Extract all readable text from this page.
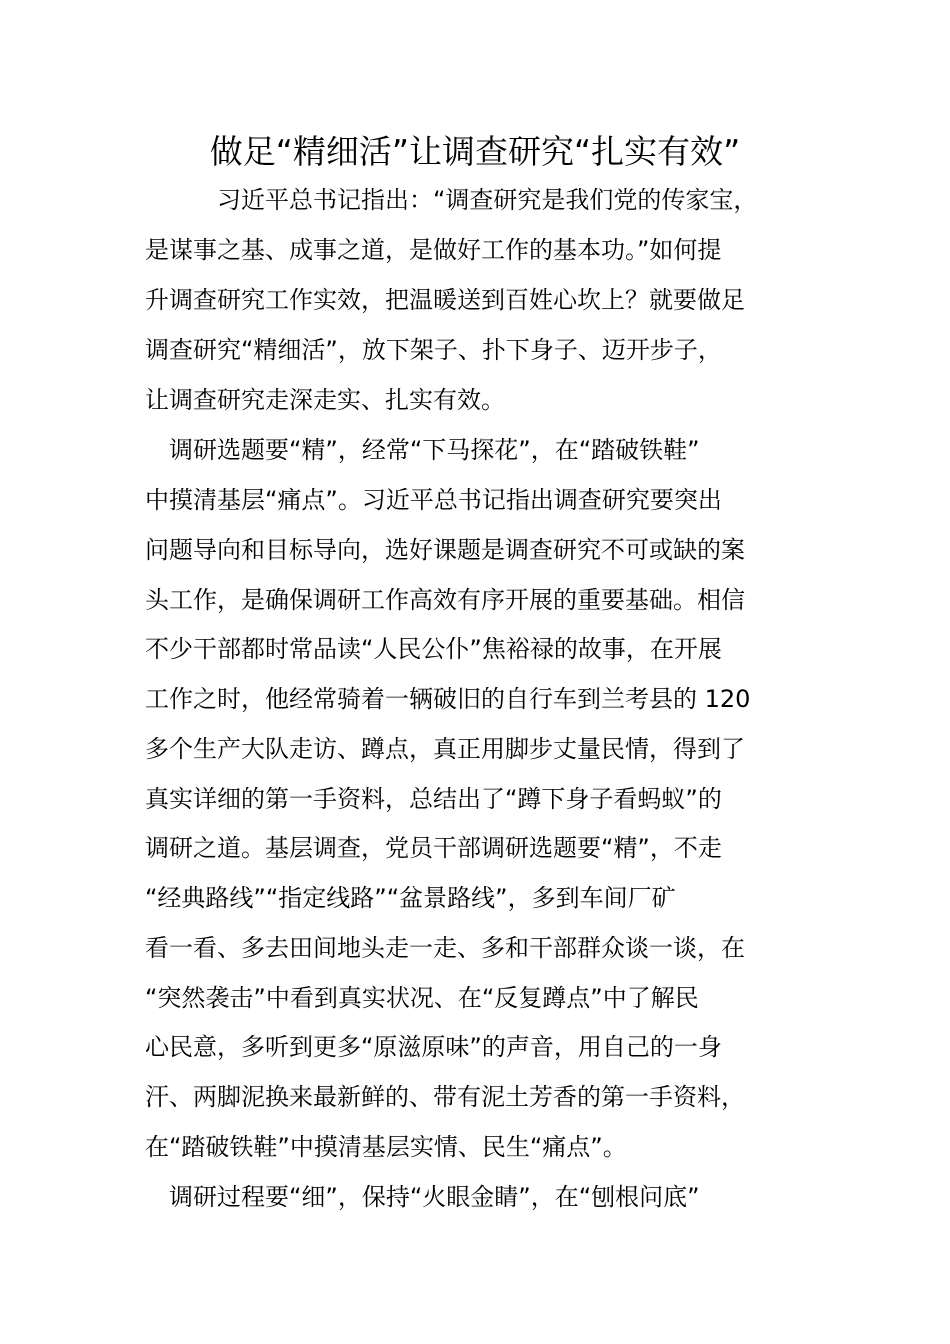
做足“精细活”让调查研究“扎实有效”
　　　习近平总书记指出：“调查研究是我们党的传家宝，
是谋事之基、成事之道，是做好工作的基本功。”如何提
升调查研究工作实效，把温暖送到百姓心坎上？就要做足
调查研究“精细活”，放下架子、扑下身子、迈开步子，
让调查研究走深走实、扎实有效。
　调研选题要“精”，经常“下马探花”，在“踏破铁鞋”
中摸清基层“痛点”。习近平总书记指出调查研究要突出
问题导向和目标导向，选好课题是调查研究不可或缺的案
头工作，是确保调研工作高效有序开展的重要基础。相信
不少干部都时常品读“人民公仆”焦裕禄的故事，在开展
工作之时，他经常骑着一辆破旧的自行车到兰考县的 120
多个生产大队走访、蹲点，真正用脚步丈量民情，得到了
真实详细的第一手资料，总结出了“蹲下身子看蚂蚁”的
调研之道。基层调查，党员干部调研选题要“精”，不走
“经典路线”“指定线路”“盆景路线”，多到车间厂矿
看一看、多去田间地头走一走、多和干部群众谈一谈，在
“突然袭击”中看到真实状况、在“反复蹲点”中了解民
心民意，多听到更多“原滋原味”的声音，用自己的一身
汗、两脚泥换来最新鲜的、带有泥土芳香的第一手资料，
在“踏破铁鞋”中摸清基层实情、民生“痛点”。
　调研过程要“细”，保持“火眼金睛”，在“刨根问底”
